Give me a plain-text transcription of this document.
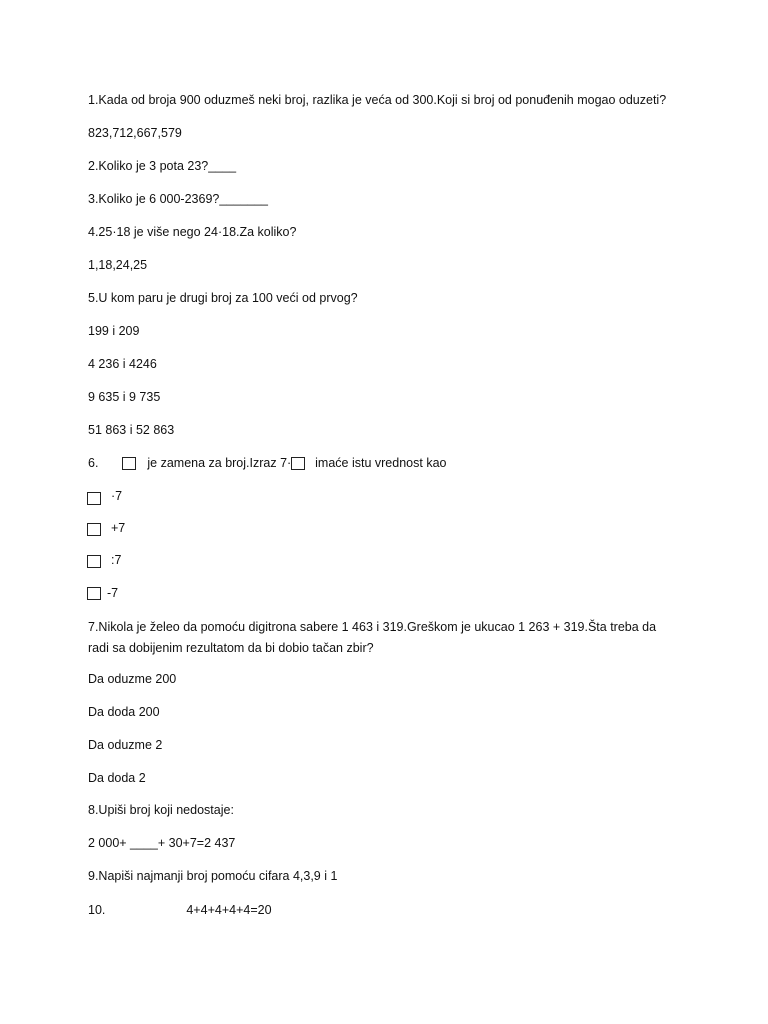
1.Kada od broja 900 oduzmeš neki broj, razlika je veća od 300.Koji si broj od ponuđenih mogao oduzeti?
823,712,667,579
2.Koliko je 3 pota 23?____
3.Koliko je 6 000-2369?_______
4.25·18 je više nego 24·18.Za koliko?
1,18,24,25
5.U kom paru je drugi broj za 100 veći od prvog?
199 i 209
4 236 i 4246
9 635 i 9 735
51 863 i 52 863
6.	je zamena za broj.Izraz 7· imaće istu vrednost kao
·7
+7
:7
-7
7.Nikola je želeo da pomoću digitrona sabere 1 463 i 319.Greškom je ukucao 1 263 + 319.Šta treba da radi sa dobijenim rezultatom da bi dobio tačan zbir?
Da oduzme 200
Da doda 200
Da oduzme 2
Da doda 2
8.Upiši broj koji nedostaje:
2 000+ ____+ 30+7=2 437
9.Napiši najmanji broj pomoću cifara 4,3,9 i 1
10.	4+4+4+4+4=20
